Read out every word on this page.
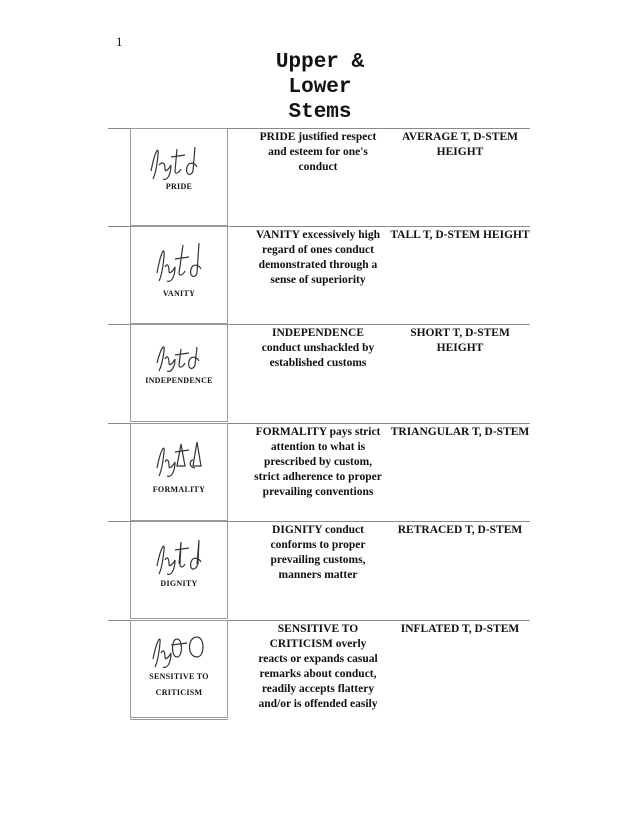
1
Upper &
Lower
Stems
PRIDE
PRIDE justified respect and esteem for one's conduct
AVERAGE T, D-STEM HEIGHT
VANITY
VANITY excessively high regard of ones conduct demonstrated through a sense of superiority
TALL T, D-STEM HEIGHT
INDEPENDENCE
INDEPENDENCE conduct unshackled by established customs
SHORT T, D-STEM HEIGHT
FORMALITY
FORMALITY pays strict attention to what is prescribed by custom, strict adherence to proper prevailing conventions
TRIANGULAR T, D-STEM
DIGNITY
DIGNITY conduct conforms to proper prevailing customs, manners matter
RETRACED T, D-STEM
SENSITIVE TO CRITICISM
SENSITIVE TO CRITICISM overly reacts or expands casual remarks about conduct, readily accepts flattery and/or is offended easily
INFLATED T, D-STEM
